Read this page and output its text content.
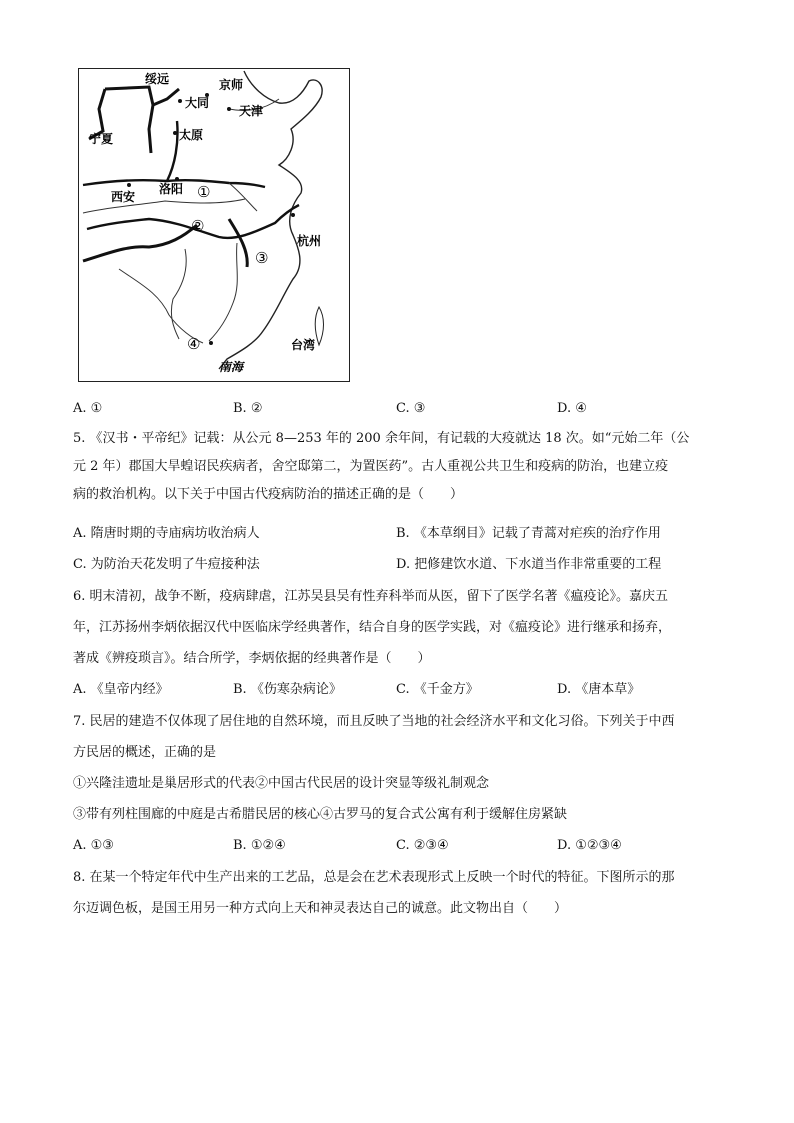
绥远	京师
大同
天津
宁夏	太原
洛阳 ①
西安
②
杭州
③
④	台湾
南海
A. ①	B. ②	C. ③	D. ④
5. 《汉书・平帝纪》记载：从公元 8—253 年的 200 余年间，有记载的大疫就达 18 次。如“元始二年（公
元 2 年）郡国大旱蝗诏民疾病者，舍空邸第二，为置医药”。古人重视公共卫生和疫病的防治，也建立疫
病的救治机构。以下关于中国古代疫病防治的描述正确的是（　　）
A. 隋唐时期的寺庙病坊收治病人	B. 《本草纲目》记载了青蒿对疟疾的治疗作用
C. 为防治天花发明了牛痘接种法	D. 把修建饮水道、下水道当作非常重要的工程
6. 明末清初，战争不断，疫病肆虐，江苏吴县吴有性弃科举而从医，留下了医学名著《瘟疫论》。嘉庆五
年，江苏扬州李炳依据汉代中医临床学经典著作，结合自身的医学实践，对《瘟疫论》进行继承和扬弃，
著成《辨疫琐言》。结合所学，李炳依据的经典著作是（　　）
A. 《皇帝内经》	B. 《伤寒杂病论》	C. 《千金方》	D. 《唐本草》
7. 民居的建造不仅体现了居住地的自然环境，而且反映了当地的社会经济水平和文化习俗。下列关于中西
方民居的概述，正确的是
①兴隆洼遗址是巢居形式的代表②中国古代民居的设计突显等级礼制观念
③带有列柱围廊的中庭是古希腊民居的核心④古罗马的复合式公寓有利于缓解住房紧缺
A. ①③	B. ①②④	C. ②③④	D. ①②③④
8. 在某一个特定年代中生产出来的工艺品，总是会在艺术表现形式上反映一个时代的特征。下图所示的那
尔迈调色板，是国王用另一种方式向上天和神灵表达自己的诚意。此文物出自（　　）
